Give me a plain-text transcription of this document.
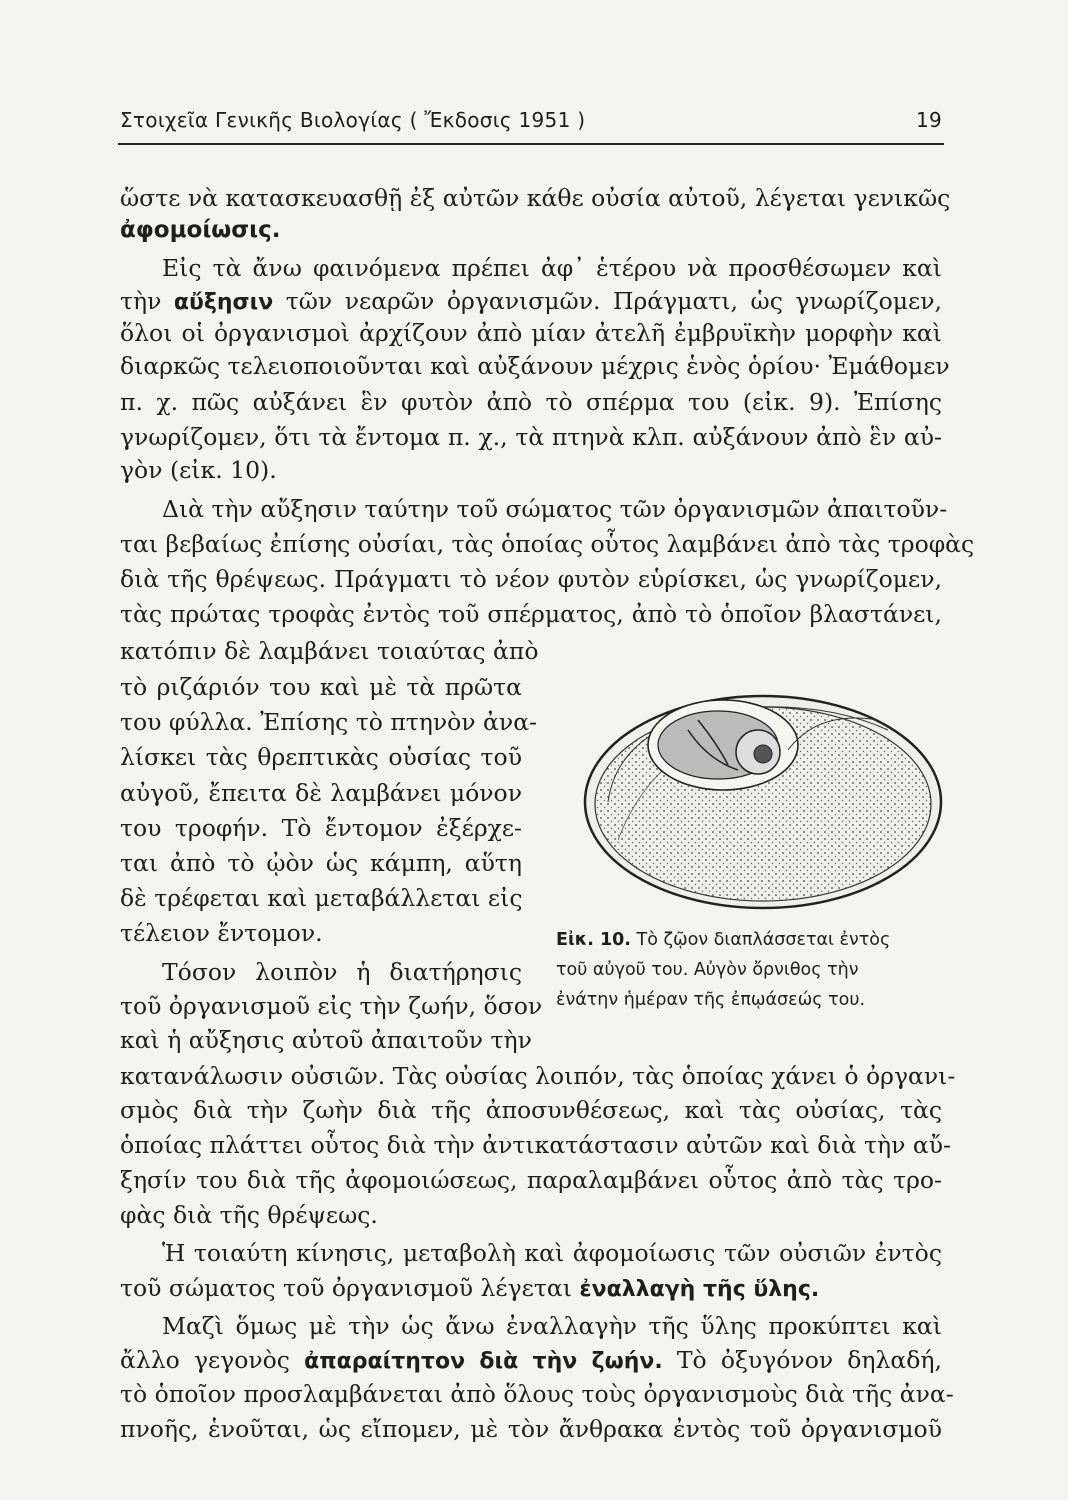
Στοιχεῖα Γενικῆς Βιολογίας ( Ἔκδοσις 1951 )	19
ὥστε νὰ κατασκευασθῇ ἐξ αὐτῶν κάθε οὐσία αὐτοῦ, λέγεται γενικῶς
ἀφομοίωσις.
Εἰς τὰ ἄνω φαινόμενα πρέπει ἀφ᾽ ἑτέρου νὰ προσθέσωμεν καὶ
τὴν αὔξησιν τῶν νεαρῶν ὀργανισμῶν. Πράγματι, ὡς γνωρίζομεν,
ὅλοι οἱ ὀργανισμοὶ ἀρχίζουν ἀπὸ μίαν ἀτελῆ ἐμβρυϊκὴν μορφὴν καὶ
διαρκῶς τελειοποιοῦνται καὶ αὐξάνουν μέχρις ἑνὸς ὁρίου· Ἐμάθομεν
π. χ. πῶς αὐξάνει ἓν φυτὸν ἀπὸ τὸ σπέρμα του (εἰκ. 9). Ἐπίσης
γνωρίζομεν, ὅτι τὰ ἔντομα π. χ., τὰ πτηνὰ κλπ. αὐξάνουν ἀπὸ ἓν αὐ-
γὸν (εἰκ. 10).
Διὰ τὴν αὔξησιν ταύτην τοῦ σώματος τῶν ὀργανισμῶν ἀπαιτοῦν-
ται βεβαίως ἐπίσης οὐσίαι, τὰς ὁποίας οὗτος λαμβάνει ἀπὸ τὰς τροφὰς
διὰ τῆς θρέψεως. Πράγματι τὸ νέον φυτὸν εὑρίσκει, ὡς γνωρίζομεν,
τὰς πρώτας τροφὰς ἐντὸς τοῦ σπέρματος, ἀπὸ τὸ ὁποῖον βλαστάνει,
κατόπιν δὲ λαμβάνει τοιαύτας ἀπὸ
τὸ ριζάριόν του καὶ μὲ τὰ πρῶτα
του φύλλα. Ἐπίσης τὸ πτηνὸν ἀνα-
λίσκει τὰς θρεπτικὰς οὐσίας τοῦ
αὐγοῦ, ἔπειτα δὲ λαμβάνει μόνον
του τροφήν. Τὸ ἔντομον ἐξέρχε-
ται ἀπὸ τὸ ᾠὸν ὡς κάμπη, αὕτη
δὲ τρέφεται καὶ μεταβάλλεται εἰς
τέλειον ἔντομον.
Τόσον λοιπὸν ἡ διατήρησις
τοῦ ὀργανισμοῦ εἰς τὴν ζωήν, ὅσον
καὶ ἡ αὔξησις αὐτοῦ ἀπαιτοῦν τὴν
κατανάλωσιν οὐσιῶν. Τὰς οὐσίας λοιπόν, τὰς ὁποίας χάνει ὁ ὀργανι-
σμὸς διὰ τὴν ζωὴν διὰ τῆς ἀποσυνθέσεως, καὶ τὰς οὐσίας, τὰς
ὁποίας πλάττει οὗτος διὰ τὴν ἀντικατάστασιν αὐτῶν καὶ διὰ τὴν αὔ-
ξησίν του διὰ τῆς ἀφομοιώσεως, παραλαμβάνει οὗτος ἀπὸ τὰς τρο-
φὰς διὰ τῆς θρέψεως.
Ἡ τοιαύτη κίνησις, μεταβολὴ καὶ ἀφομοίωσις τῶν οὐσιῶν ἐντὸς
τοῦ σώματος τοῦ ὀργανισμοῦ λέγεται ἐναλλαγὴ τῆς ὕλης.
Μαζὶ ὅμως μὲ τὴν ὡς ἄνω ἐναλλαγὴν τῆς ὕλης προκύπτει καὶ
ἄλλο γεγονὸς ἀπαραίτητον διὰ τὴν ζωήν. Τὸ ὀξυγόνον δηλαδή,
τὸ ὁποῖον προσλαμβάνεται ἀπὸ ὅλους τοὺς ὀργανισμοὺς διὰ τῆς ἀνα-
πνοῆς, ἑνοῦται, ὡς εἴπομεν, μὲ τὸν ἄνθρακα ἐντὸς τοῦ ὀργανισμοῦ
Εἰκ. 10. Τὸ ζῷον διαπλάσσεται ἐντὸς
τοῦ αὐγοῦ του. Αὐγὸν ὄρνιθος τὴν
ἐνάτην ἡμέραν τῆς ἐπῳάσεώς του.
